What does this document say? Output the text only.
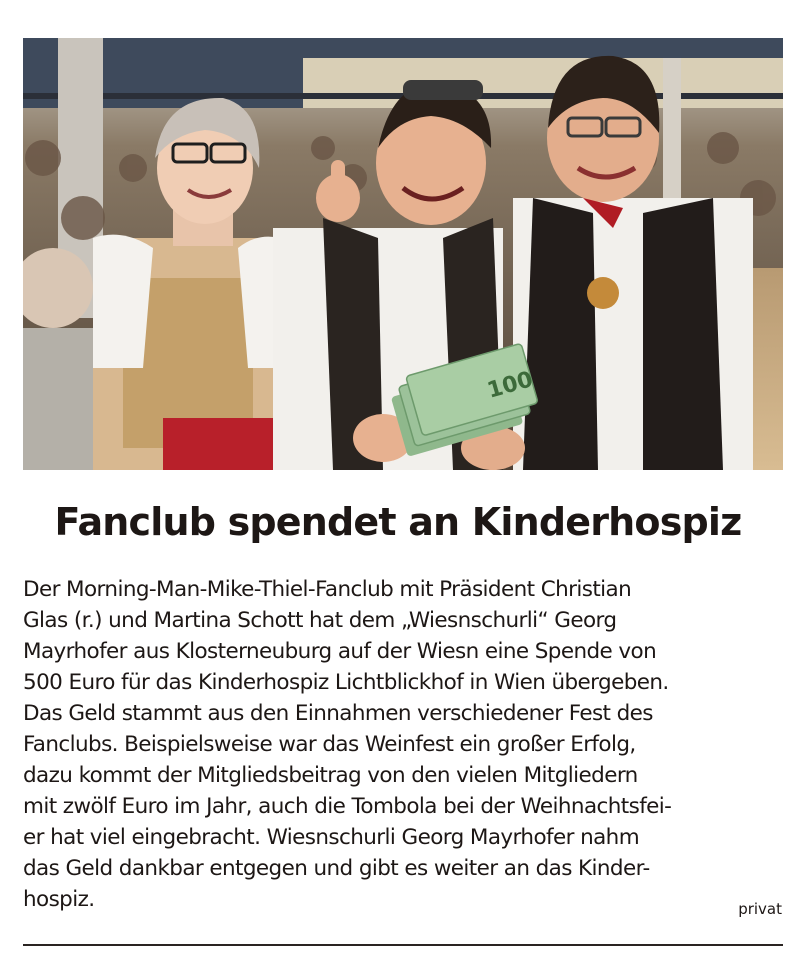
100
Fanclub spendet an Kinderhospiz

Der Morning-Man-Mike-Thiel-Fanclub mit Präsident Christian
Glas (r.) und Martina Schott hat dem „Wiesnschurli“ Georg
Mayrhofer aus Klosterneuburg auf der Wiesn eine Spende von
500 Euro für das Kinderhospiz Lichtblickhof in Wien übergeben.
Das Geld stammt aus den Einnahmen verschiedener Fest des
Fanclubs. Beispielsweise war das Weinfest ein großer Erfolg,
dazu kommt der Mitgliedsbeitrag von den vielen Mitgliedern
mit zwölf Euro im Jahr, auch die Tombola bei der Weihnachtsfei-
er hat viel eingebracht. Wiesnschurli Georg Mayrhofer nahm
das Geld dankbar entgegen und gibt es weiter an das Kinder-
hospiz.	privat
